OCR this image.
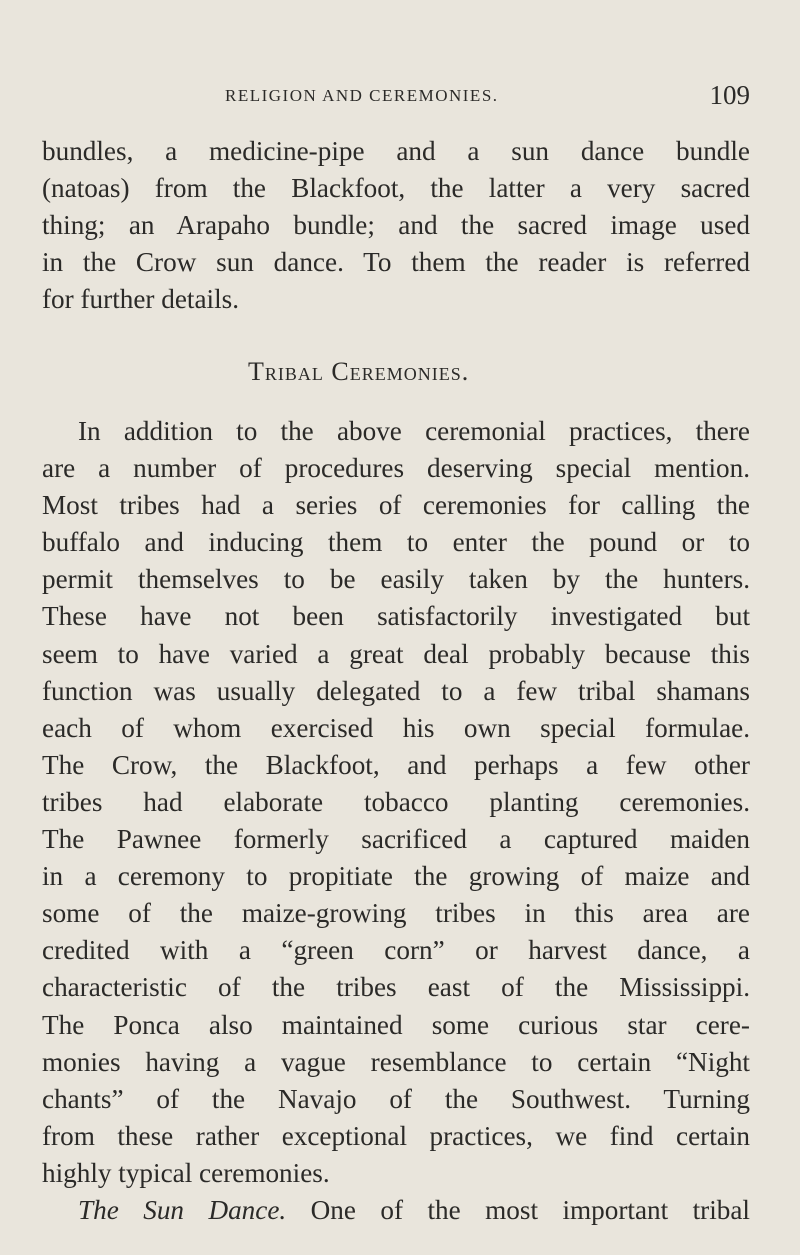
RELIGION AND CEREMONIES.	109
bundles, a medicine-pipe and a sun dance bundle
(natoas) from the Blackfoot, the latter a very sacred
thing; an Arapaho bundle; and the sacred image used
in the Crow sun dance. To them the reader is referred
for further details.
Tribal Ceremonies.
In addition to the above ceremonial practices, there
are a number of procedures deserving special mention.
Most tribes had a series of ceremonies for calling the
buffalo and inducing them to enter the pound or to
permit themselves to be easily taken by the hunters.
These have not been satisfactorily investigated but
seem to have varied a great deal probably because this
function was usually delegated to a few tribal shamans
each of whom exercised his own special formulae.
The Crow, the Blackfoot, and perhaps a few other
tribes had elaborate tobacco planting ceremonies.
The Pawnee formerly sacrificed a captured maiden
in a ceremony to propitiate the growing of maize and
some of the maize-growing tribes in this area are
credited with a “green corn” or harvest dance, a
characteristic of the tribes east of the Mississippi.
The Ponca also maintained some curious star cere-
monies having a vague resemblance to certain “Night
chants” of the Navajo of the Southwest. Turning
from these rather exceptional practices, we find certain
highly typical ceremonies.
The Sun Dance. One of the most important tribal
